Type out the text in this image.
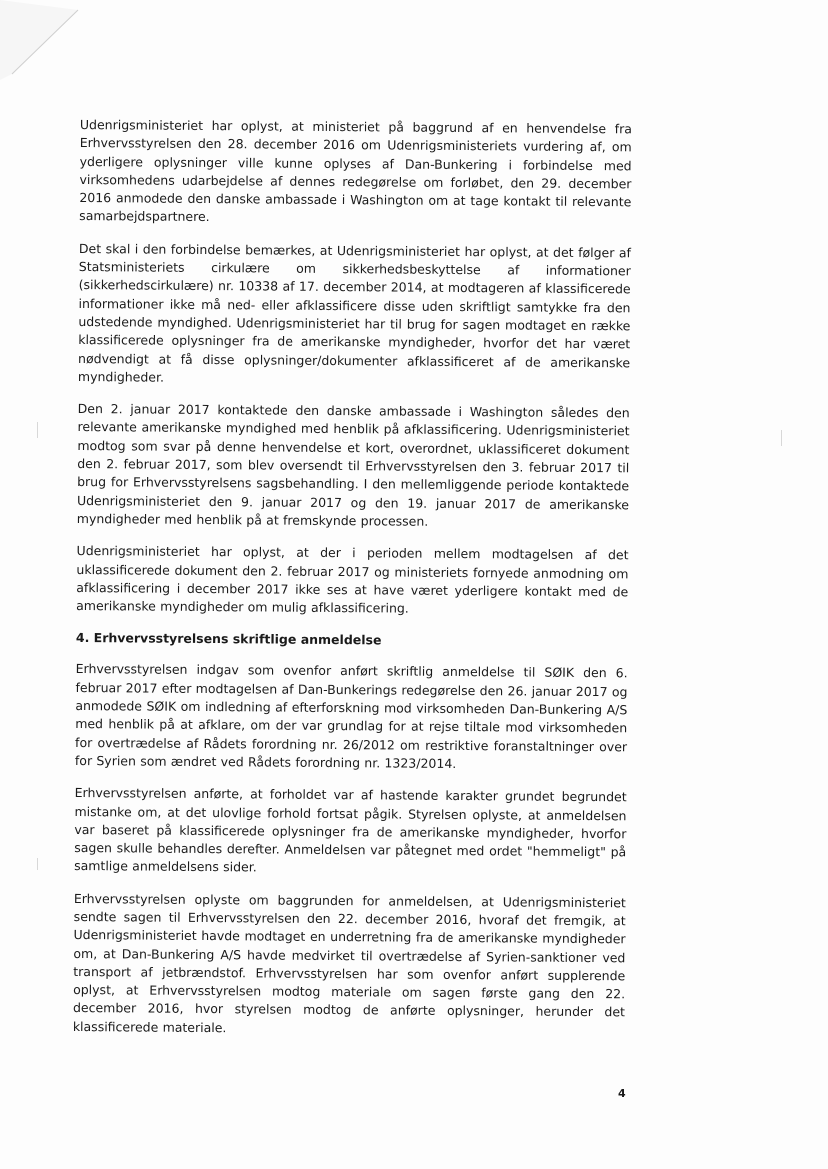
Udenrigsministeriet har oplyst, at ministeriet på baggrund af en henvendelse fra Erhvervsstyrelsen den 28. december 2016 om Udenrigsministeriets vurdering af, om yderligere oplysninger ville kunne oplyses af Dan-Bunkering i forbindelse med virksomhedens udarbejdelse af dennes redegørelse om forløbet, den 29. december 2016 anmodede den danske ambassade i Washington om at tage kontakt til relevante samarbejdspartnere.

Det skal i den forbindelse bemærkes, at Udenrigsministeriet har oplyst, at det følger af Statsministeriets cirkulære om sikkerhedsbeskyttelse af informationer (sikkerhedscirkulære) nr. 10338 af 17. december 2014, at modtageren af klassificerede informationer ikke må ned- eller afklassificere disse uden skriftligt samtykke fra den udstedende myndighed. Udenrigsministeriet har til brug for sagen modtaget en række klassificerede oplysninger fra de amerikanske myndigheder, hvorfor det har været nødvendigt at få disse oplysninger/dokumenter afklassificeret af de amerikanske myndigheder.

Den 2. januar 2017 kontaktede den danske ambassade i Washington således den relevante amerikanske myndighed med henblik på afklassificering. Udenrigsministeriet modtog som svar på denne henvendelse et kort, overordnet, uklassificeret dokument den 2. februar 2017, som blev oversendt til Erhvervsstyrelsen den 3. februar 2017 til brug for Erhvervsstyrelsens sagsbehandling. I den mellemliggende periode kontaktede Udenrigsministeriet den 9. januar 2017 og den 19. januar 2017 de amerikanske myndigheder med henblik på at fremskynde processen.

Udenrigsministeriet har oplyst, at der i perioden mellem modtagelsen af det uklassificerede dokument den 2. februar 2017 og ministeriets fornyede anmodning om afklassificering i december 2017 ikke ses at have været yderligere kontakt med de amerikanske myndigheder om mulig afklassificering.

4. Erhvervsstyrelsens skriftlige anmeldelse

Erhvervsstyrelsen indgav som ovenfor anført skriftlig anmeldelse til SØIK den 6. februar 2017 efter modtagelsen af Dan-Bunkerings redegørelse den 26. januar 2017 og anmodede SØIK om indledning af efterforskning mod virksomheden Dan-Bunkering A/S med henblik på at afklare, om der var grundlag for at rejse tiltale mod virksomheden for overtrædelse af Rådets forordning nr. 26/2012 om restriktive foranstaltninger over for Syrien som ændret ved Rådets forordning nr. 1323/2014.

Erhvervsstyrelsen anførte, at forholdet var af hastende karakter grundet begrundet mistanke om, at det ulovlige forhold fortsat pågik. Styrelsen oplyste, at anmeldelsen var baseret på klassificerede oplysninger fra de amerikanske myndigheder, hvorfor sagen skulle behandles derefter. Anmeldelsen var påtegnet med ordet "hemmeligt" på samtlige anmeldelsens sider.

Erhvervsstyrelsen oplyste om baggrunden for anmeldelsen, at Udenrigsministeriet sendte sagen til Erhvervsstyrelsen den 22. december 2016, hvoraf det fremgik, at Udenrigsministeriet havde modtaget en underretning fra de amerikanske myndigheder om, at Dan-Bunkering A/S havde medvirket til overtrædelse af Syrien-sanktioner ved transport af jetbrændstof. Erhvervsstyrelsen har som ovenfor anført supplerende oplyst, at Erhvervsstyrelsen modtog materiale om sagen første gang den 22. december 2016, hvor styrelsen modtog de anførte oplysninger, herunder det klassificerede materiale.

4
